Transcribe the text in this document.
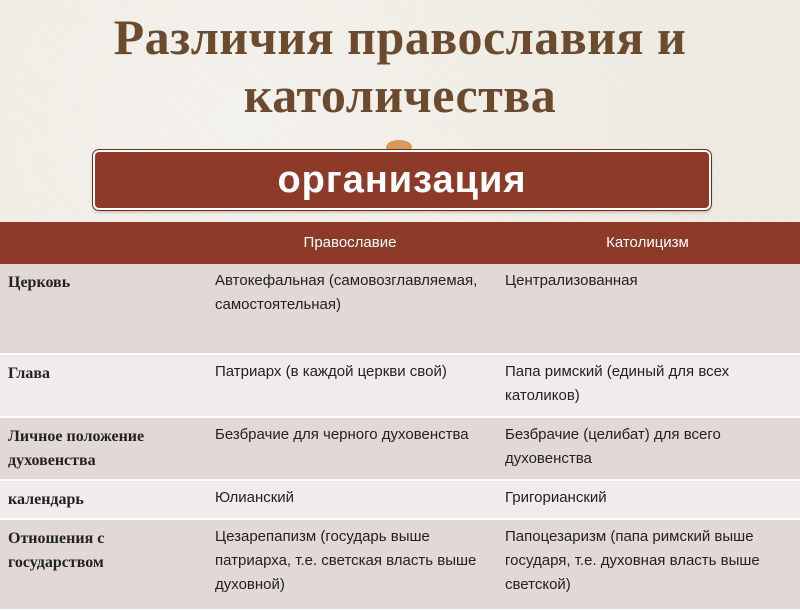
Различия православия и
католичества
организация
	Православие	Католицизм
Церковь	Автокефальная (самовозглавляемая, самостоятельная)	Централизованная
Глава	Патриарх (в каждой церкви свой)	Папа римский (единый для всех католиков)
Личное положение духовенства	Безбрачие для черного духовенства	Безбрачие (целибат) для всего духовенства
календарь	Юлианский	Григорианский
Отношения с государством	Цезарепапизм (государь выше патриарха, т.е. светская власть выше духовной)	Папоцезаризм (папа римский выше государя, т.е. духовная власть выше светской)
